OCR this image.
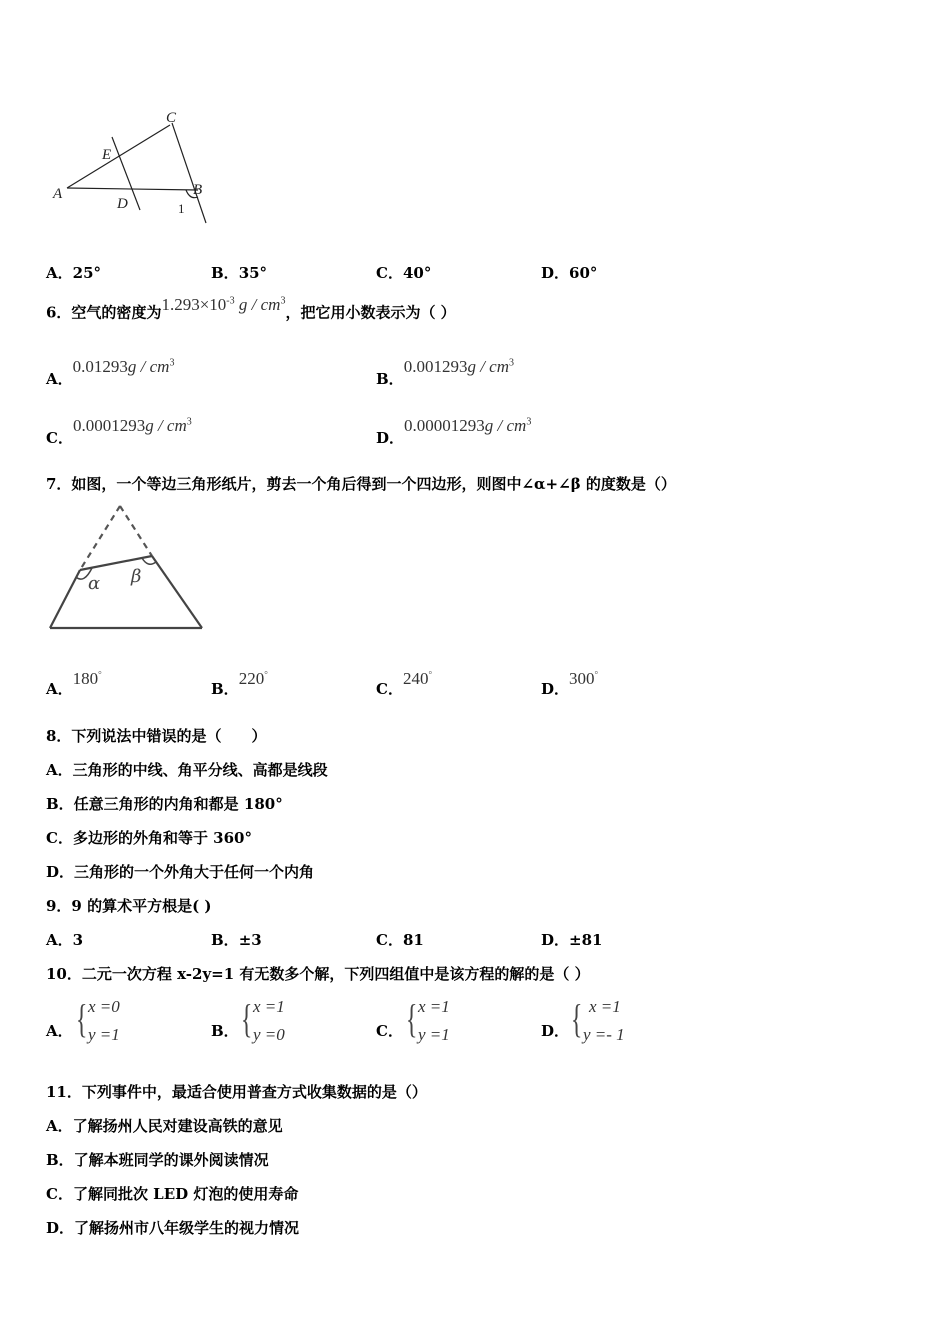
A	B
C
D
E
1
A．25°	B．35°	C．40°	D．60°
6．空气的密度为$1.293\times 10^{-3}$ g / $cm^3$，把它用小数表示为（ ）
A．$0.01293g / cm^3$
B．$0.001293g / cm^3$
C．$0.0001293g / cm^3$
D．$0.00001293g / cm^3$
7．如图，一个等边三角形纸片，剪去一个角后得到一个四边形，则图中∠α+∠β 的度数是（）
α β
A．180°
B．220°
C．240°
D．300°
8．下列说法中错误的是（　　）
A．三角形的中线、角平分线、高都是线段
B．任意三角形的内角和都是 180°
C．多边形的外角和等于 360°
D．三角形的一个外角大于任何一个内角
9．9 的算术平方根是( )
A．3	B．±3	C．81	D．±81
10．二元一次方程 x-2y=1 有无数多个解，下列四组值中是该方程的解的是（ ）
A． { x =0
y =1	B． { x =1
y =0	C． { x =1
y =1	D． { x =1
y =- 1
11．下列事件中，最适合使用普查方式收集数据的是（）
A．了解扬州人民对建设高铁的意见
B．了解本班同学的课外阅读情况
C．了解同批次 LED 灯泡的使用寿命
D．了解扬州市八年级学生的视力情况
